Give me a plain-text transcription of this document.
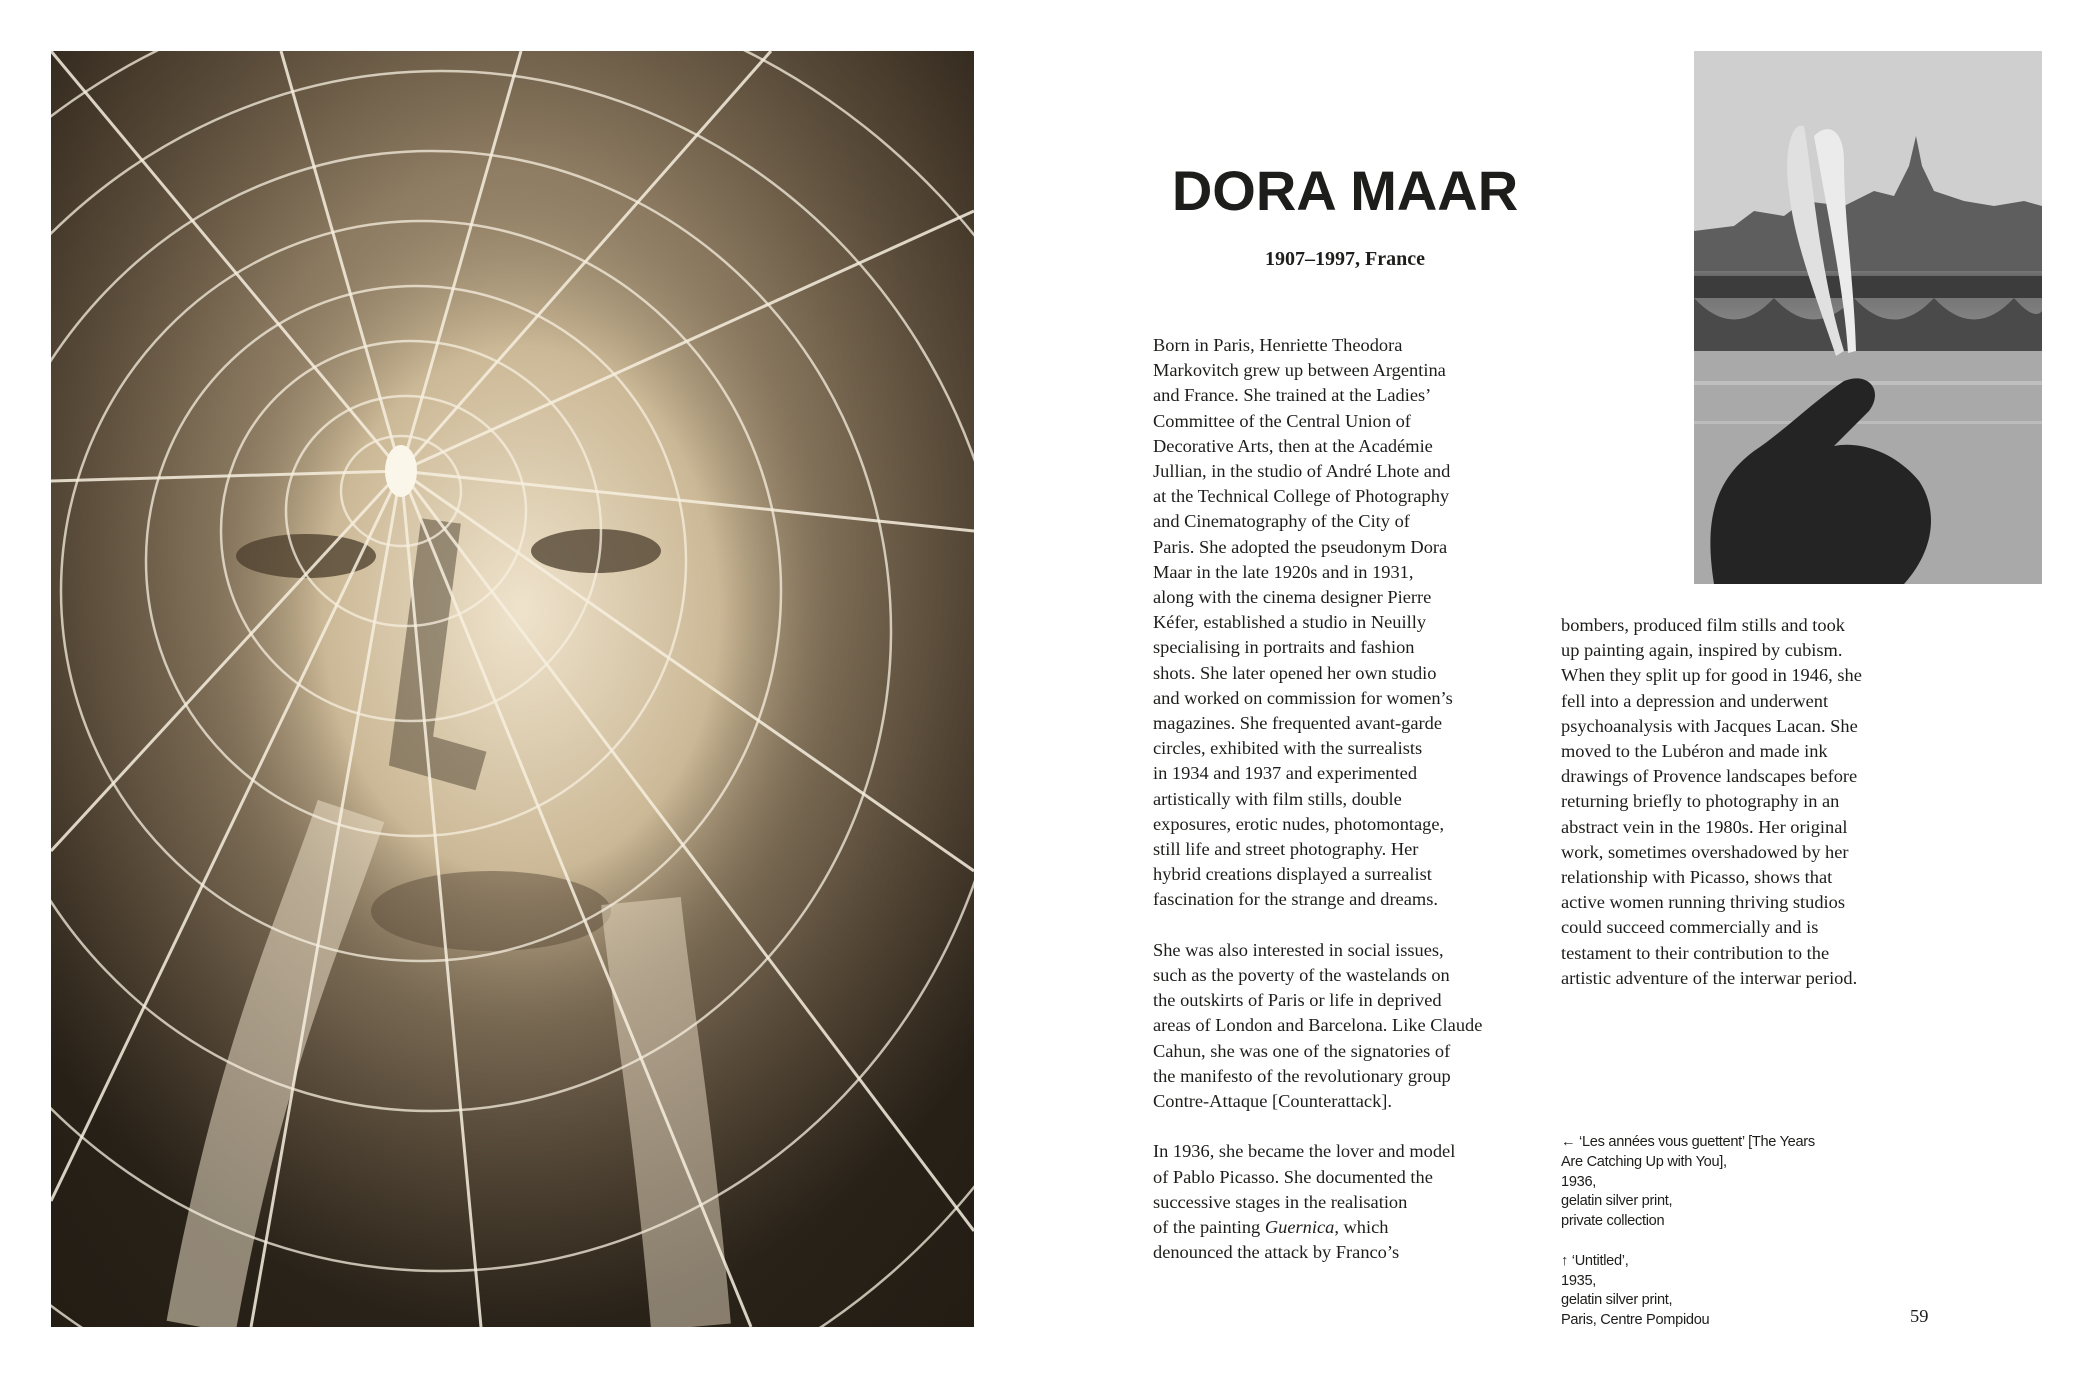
DORA MAAR
1907–1997, France

Born in Paris, Henriette Theodora
Markovitch grew up between Argentina
and France. She trained at the Ladies’
Committee of the Central Union of
Decorative Arts, then at the Académie
Jullian, in the studio of André Lhote and
at the Technical College of Photography
and Cinematography of the City of
Paris. She adopted the pseudonym Dora
Maar in the late 1920s and in 1931,
along with the cinema designer Pierre
Kéfer, established a studio in Neuilly
specialising in portraits and fashion
shots. She later opened her own studio
and worked on commission for women’s
magazines. She frequented avant-garde
circles, exhibited with the surrealists
in 1934 and 1937 and experimented
artistically with film stills, double
exposures, erotic nudes, photomontage,
still life and street photography. Her
hybrid creations displayed a surrealist
fascination for the strange and dreams.

She was also interested in social issues,
such as the poverty of the wastelands on
the outskirts of Paris or life in deprived
areas of London and Barcelona. Like Claude
Cahun, she was one of the signatories of
the manifesto of the revolutionary group
Contre-Attaque [Counterattack].

In 1936, she became the lover and model
of Pablo Picasso. She documented the
successive stages in the realisation
of the painting Guernica, which
denounced the attack by Franco’s

bombers, produced film stills and took
up painting again, inspired by cubism.
When they split up for good in 1946, she
fell into a depression and underwent
psychoanalysis with Jacques Lacan. She
moved to the Lubéron and made ink
drawings of Provence landscapes before
returning briefly to photography in an
abstract vein in the 1980s. Her original
work, sometimes overshadowed by her
relationship with Picasso, shows that
active women running thriving studios
could succeed commercially and is
testament to their contribution to the
artistic adventure of the interwar period.

← ‘Les années vous guettent’ [The Years
Are Catching Up with You],
1936,
gelatin silver print,
private collection

↑ ‘Untitled’,
1935,
gelatin silver print,
Paris, Centre Pompidou	59
